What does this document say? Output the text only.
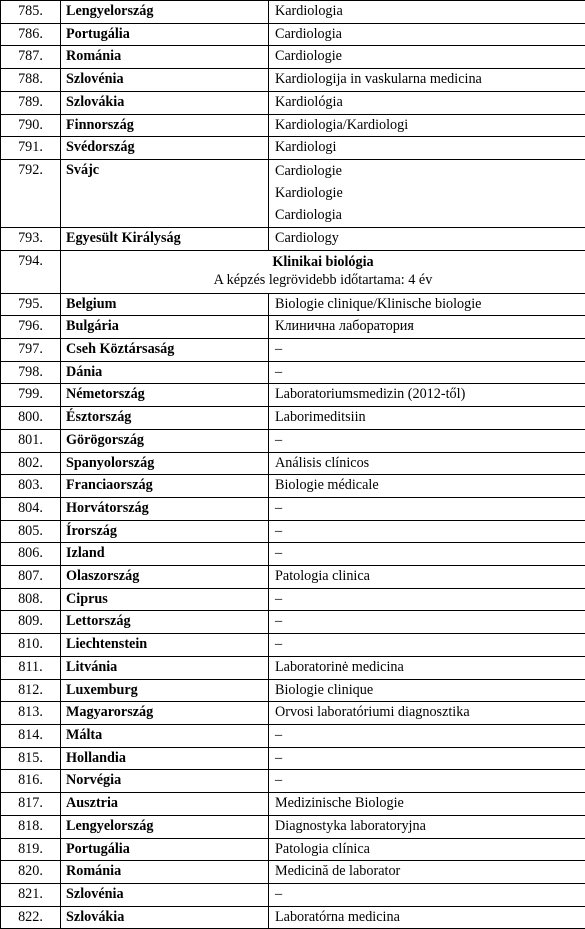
785.	Lengyelország	Kardiologia

786.	Portugália	Cardiologia

787.	Románia	Cardiologie

788.	Szlovénia	Kardiologija in vaskularna medicina

789.	Szlovákia	Kardiológia

790.	Finnország	Kardiologia/Kardiologi

791.	Svédország	Kardiologi

792.	Svájc	Cardiologie
Kardiologie
Cardiologia

793.	Egyesült Királyság	Cardiology

794.	Klinikai biológia
A képzés legrövidebb időtartama: 4 év	

795.	Belgium	Biologie clinique/Klinische biologie

796.	Bulgária	Клинична лаборатория

797.	Cseh Köztársaság	–

798.	Dánia	–

799.	Németország	Laboratoriumsmedizin (2012-től)

800.	Észtország	Laborimeditsiin

801.	Görögország	–

802.	Spanyolország	Análisis clínicos

803.	Franciaország	Biologie médicale

804.	Horvátország	–

805.	Írország	–

806.	Izland	–

807.	Olaszország	Patologia clinica

808.	Ciprus	–

809.	Lettország	–

810.	Liechtenstein	–

811.	Litvánia	Laboratorinė medicina

812.	Luxemburg	Biologie clinique

813.	Magyarország	Orvosi laboratóriumi diagnosztika

814.	Málta	–

815.	Hollandia	–

816.	Norvégia	–

817.	Ausztria	Medizinische Biologie

818.	Lengyelország	Diagnostyka laboratoryjna

819.	Portugália	Patologia clínica

820.	Románia	Medicină de laborator

821.	Szlovénia	–

822.	Szlovákia	Laboratórna medicina
